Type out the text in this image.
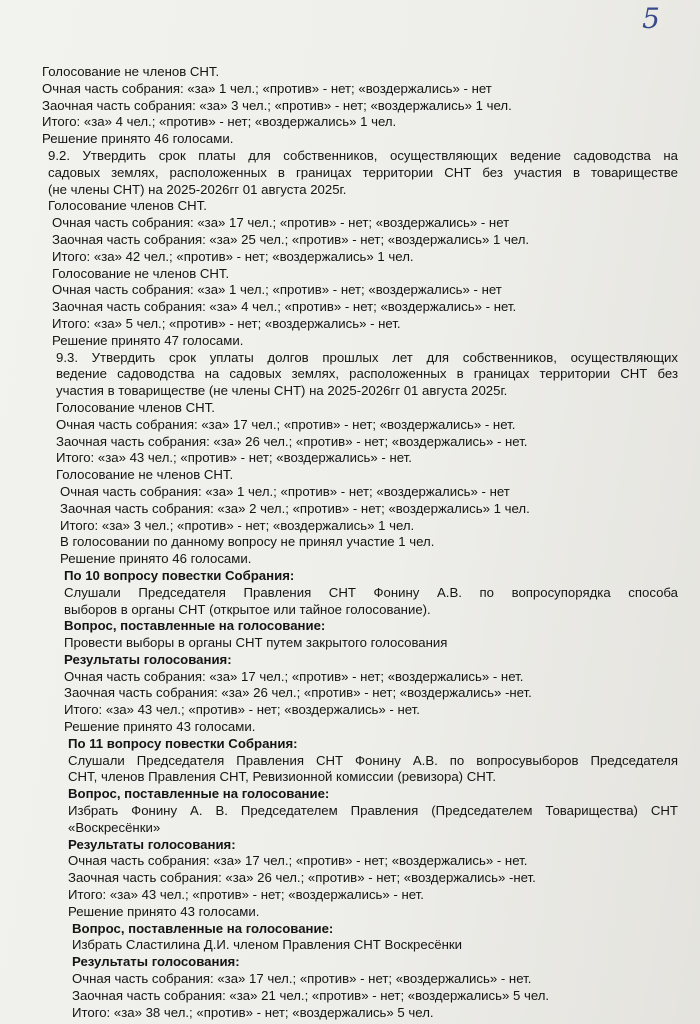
5
Голосование не членов СНТ.
Очная часть собрания: «за» 1 чел.; «против» - нет; «воздержались» - нет
Заочная часть собрания: «за» 3 чел.; «против» - нет; «воздержались» 1 чел.
Итого: «за» 4 чел.; «против» - нет; «воздержались» 1 чел.
Решение принято 46 голосами.
9.2. Утвердить срок платы для собственников, осуществляющих ведение садоводства на
садовых землях, расположенных в границах территории СНТ без участия в товариществе
(не члены СНТ) на 2025-2026гг 01 августа 2025г.
Голосование членов СНТ.
Очная часть собрания: «за» 17 чел.; «против» - нет; «воздержались» - нет
Заочная часть собрания: «за» 25 чел.; «против» - нет; «воздержались» 1 чел.
Итого: «за» 42 чел.; «против» - нет; «воздержались» 1 чел.
Голосование не членов СНТ.
Очная часть собрания: «за» 1 чел.; «против» - нет; «воздержались» - нет
Заочная часть собрания: «за» 4 чел.; «против» - нет; «воздержались» - нет.
Итого: «за» 5 чел.; «против» - нет; «воздержались» - нет.
Решение принято 47 голосами.
9.3. Утвердить срок уплаты долгов прошлых лет для собственников, осуществляющих
ведение садоводства на садовых землях, расположенных в границах территории СНТ без
участия в товариществе (не члены СНТ) на 2025-2026гг 01 августа 2025г.
Голосование членов СНТ.
Очная часть собрания: «за» 17 чел.; «против» - нет; «воздержались» - нет.
Заочная часть собрания: «за» 26 чел.; «против» - нет; «воздержались» - нет.
Итого: «за» 43 чел.; «против» - нет; «воздержались» - нет.
Голосование не членов СНТ.
Очная часть собрания: «за» 1 чел.; «против» - нет; «воздержались» - нет
Заочная часть собрания: «за» 2 чел.; «против» - нет; «воздержались» 1 чел.
Итого: «за» 3 чел.; «против» - нет; «воздержались» 1 чел.
В голосовании по данному вопросу не принял участие 1 чел.
Решение принято 46 голосами.
По 10 вопросу повестки Собрания:
Слушали Председателя Правления СНТ Фонину А.В. по вопросупорядка способа
выборов в органы СНТ (открытое или тайное голосование).
Вопрос, поставленные на голосование:
Провести выборы в органы СНТ путем закрытого голосования
Результаты голосования:
Очная часть собрания: «за» 17 чел.; «против» - нет; «воздержались» - нет.
Заочная часть собрания: «за» 26 чел.; «против» - нет; «воздержались» -нет.
Итого: «за» 43 чел.; «против» - нет; «воздержались» - нет.
Решение принято 43 голосами.
По 11 вопросу повестки Собрания:
Слушали Председателя Правления СНТ Фонину А.В. по вопросувыборов Председателя
СНТ, членов Правления СНТ, Ревизионной комиссии (ревизора) СНТ.
Вопрос, поставленные на голосование:
Избрать Фонину А. В. Председателем Правления (Председателем Товарищества) СНТ
«Воскресёнки»
Результаты голосования:
Очная часть собрания: «за» 17 чел.; «против» - нет; «воздержались» - нет.
Заочная часть собрания: «за» 26 чел.; «против» - нет; «воздержались» -нет.
Итого: «за» 43 чел.; «против» - нет; «воздержались» - нет.
Решение принято 43 голосами.
Вопрос, поставленные на голосование:
Избрать Сластилина Д.И. членом Правления СНТ Воскресёнки
Результаты голосования:
Очная часть собрания: «за» 17 чел.; «против» - нет; «воздержались» - нет.
Заочная часть собрания: «за» 21 чел.; «против» - нет; «воздержались» 5 чел.
Итого: «за» 38 чел.; «против» - нет; «воздержались» 5 чел.
